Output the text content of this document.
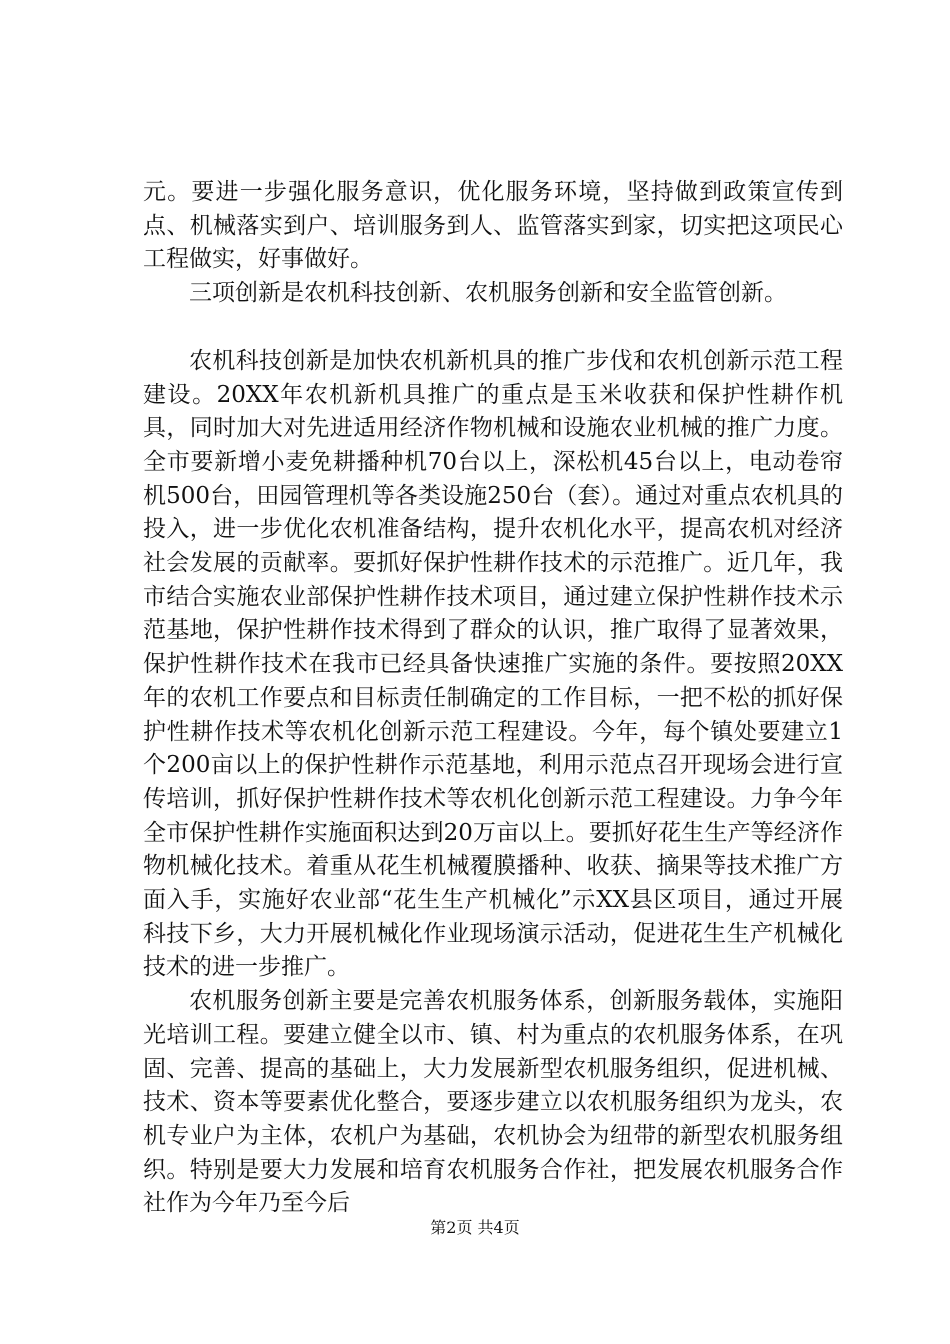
元。要进一步强化服务意识，优化服务环境，坚持做到政策宣传到点、机械落实到户、培训服务到人、监管落实到家，切实把这项民心工程做实，好事做好。

三项创新是农机科技创新、农机服务创新和安全监管创新。

农机科技创新是加快农机新机具的推广步伐和农机创新示范工程建设。20XX年农机新机具推广的重点是玉米收获和保护性耕作机具，同时加大对先进适用经济作物机械和设施农业机械的推广力度。全市要新增小麦免耕播种机70台以上，深松机45台以上，电动卷帘机500台，田园管理机等各类设施250台（套）。通过对重点农机具的投入，进一步优化农机准备结构，提升农机化水平，提高农机对经济社会发展的贡献率。要抓好保护性耕作技术的示范推广。近几年，我市结合实施农业部保护性耕作技术项目，通过建立保护性耕作技术示范基地，保护性耕作技术得到了群众的认识，推广取得了显著效果，保护性耕作技术在我市已经具备快速推广实施的条件。要按照20XX年的农机工作要点和目标责任制确定的工作目标，一把不松的抓好保护性耕作技术等农机化创新示范工程建设。今年，每个镇处要建立1个200亩以上的保护性耕作示范基地，利用示范点召开现场会进行宣传培训，抓好保护性耕作技术等农机化创新示范工程建设。力争今年全市保护性耕作实施面积达到20万亩以上。要抓好花生生产等经济作物机械化技术。着重从花生机械覆膜播种、收获、摘果等技术推广方面入手，实施好农业部“花生生产机械化”示XX县区项目，通过开展科技下乡，大力开展机械化作业现场演示活动，促进花生生产机械化技术的进一步推广。

农机服务创新主要是完善农机服务体系，创新服务载体，实施阳光培训工程。要建立健全以市、镇、村为重点的农机服务体系，在巩固、完善、提高的基础上，大力发展新型农机服务组织，促进机械、技术、资本等要素优化整合，要逐步建立以农机服务组织为龙头，农机专业户为主体，农机户为基础，农机协会为纽带的新型农机服务组织。特别是要大力发展和培育农机服务合作社，把发展农机服务合作社作为今年乃至今后

第2页 共4页
